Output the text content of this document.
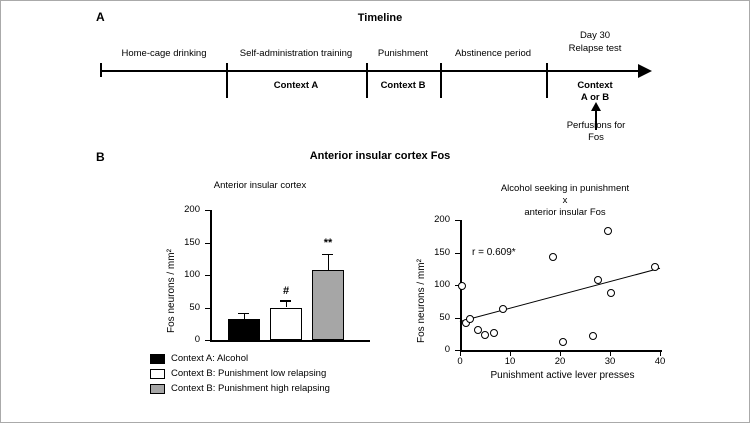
A	Timeline
Home-cage drinking	Self-administration training	Punishment	Abstinence period
Day 30
Relapse test
Context A	Context B	Context
A or B
Perfusions for
Fos
B	Anterior insular cortex Fos
Anterior insular cortex
0
50
100
150
200
Fos neurons / mm²	#
**
Context A: Alcohol
Context B: Punishment low relapsing
Context B: Punishment high relapsing
Alcohol seeking in punishment
x
anterior insular Fos
0
50
100
150
200
Fos neurons / mm²
0	10	20	30	40
Punishment active lever presses
r = 0.609*
